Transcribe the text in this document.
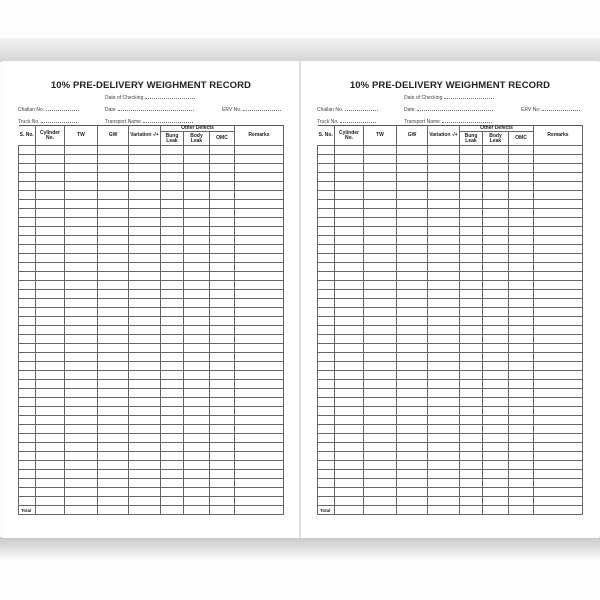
10% PRE-DELIVERY WEIGHMENT RECORD
Date of Checking
Challan No.	Date	ERV No.
Truck No.	Transport Name
S. No.	Cylinder No.	TW	GW	Variation -/+	Other Defects			Remarks
					Bung Leak	Body Leak	OMC	

Total								
10% PRE-DELIVERY WEIGHMENT RECORD
Date of Checking
Challan No.	Date	ERV No.
Truck No.	Transport Name
S. No.	Cylinder No.	TW	GW	Variation -/+	Other Defects			Remarks
					Bung Leak	Body Leak	OMC	

Total								
